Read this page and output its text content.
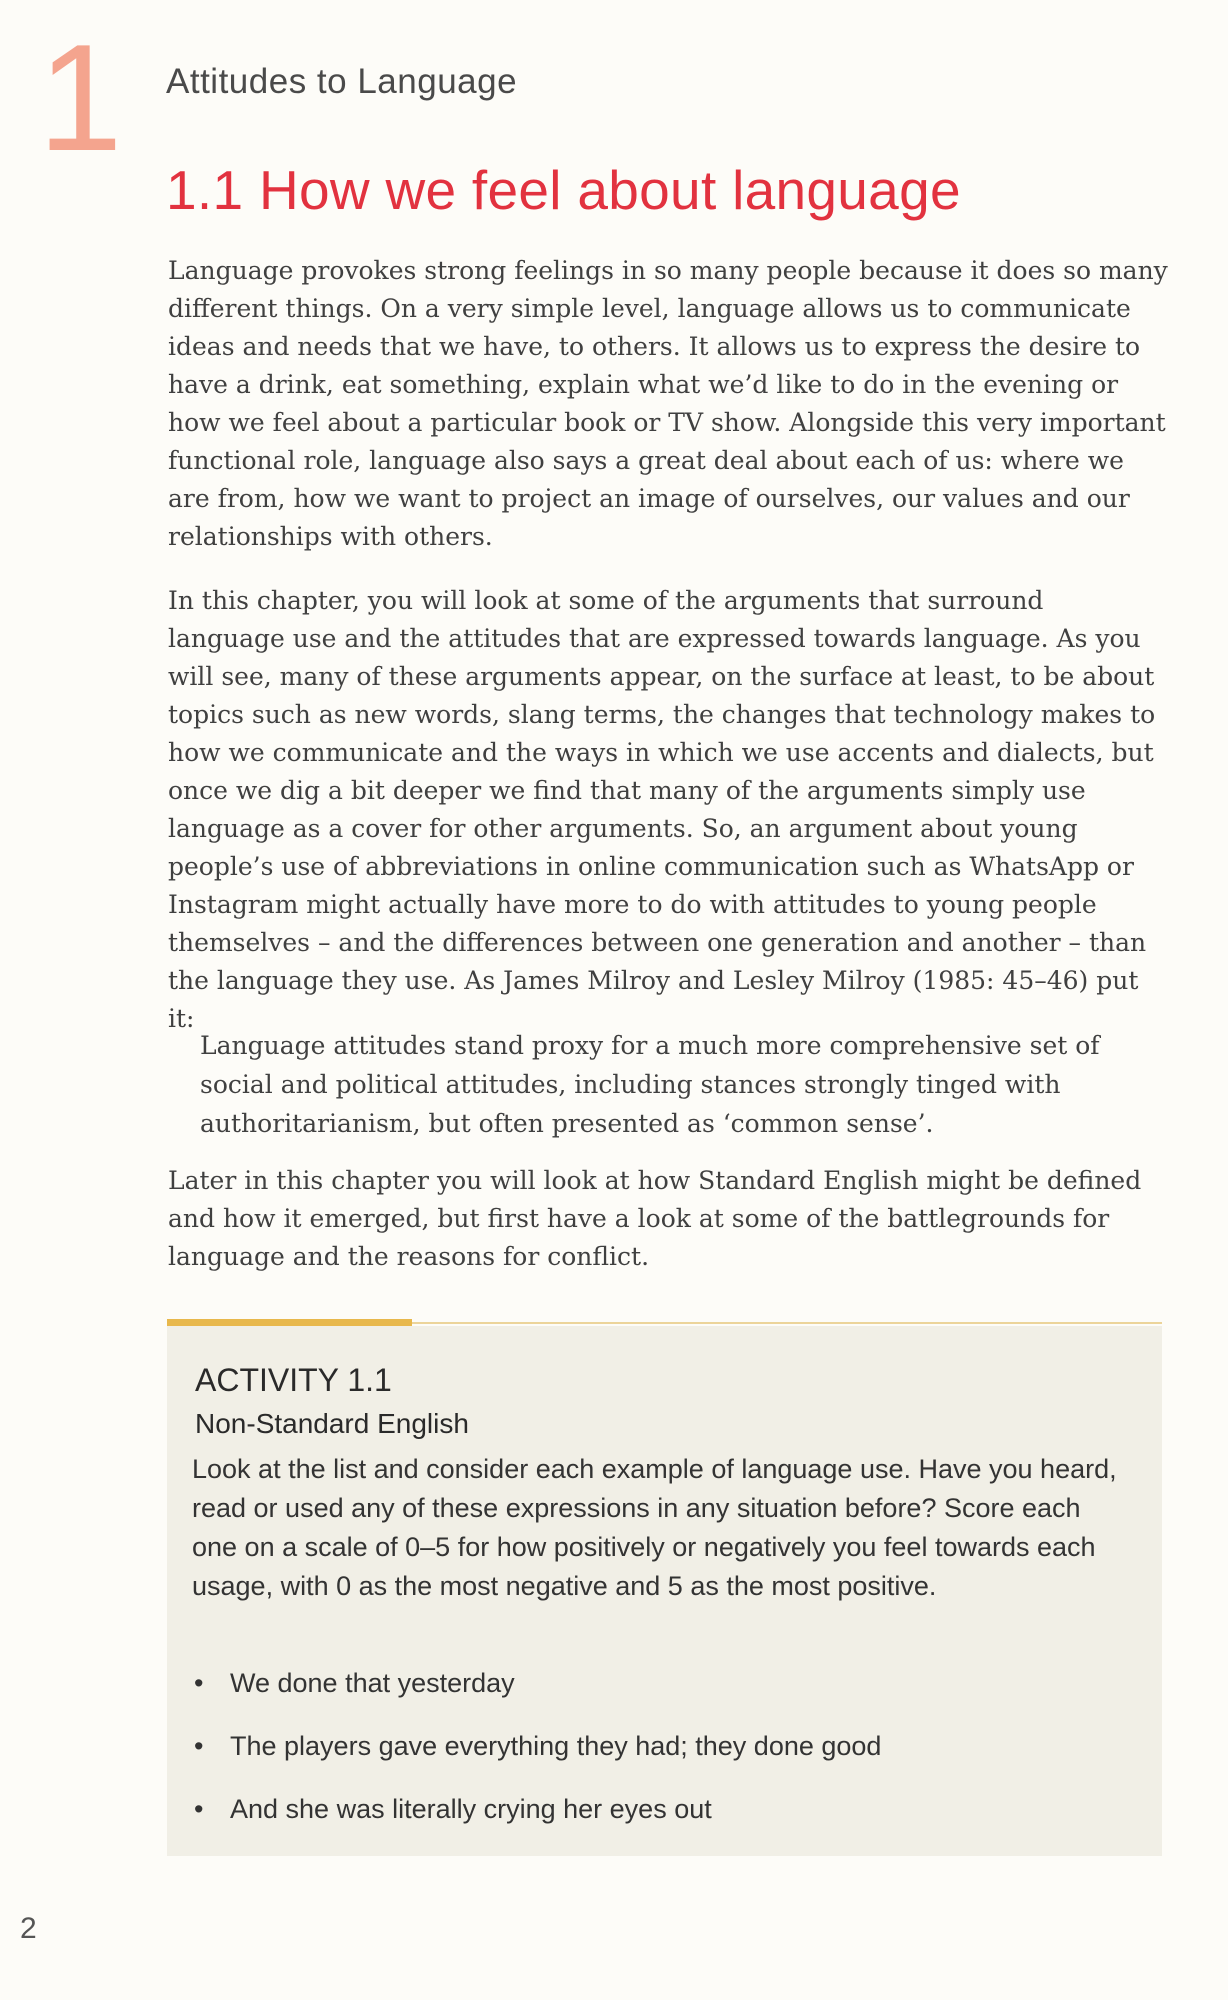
1 Attitudes to Language
1.1 How we feel about language

Language provokes strong feelings in so many people because it does so many different things. On a very simple level, language allows us to communicate ideas and needs that we have, to others. It allows us to express the desire to have a drink, eat something, explain what we’d like to do in the evening or how we feel about a particular book or TV show. Alongside this very important functional role, language also says a great deal about each of us: where we are from, how we want to project an image of ourselves, our values and our relationships with others.

In this chapter, you will look at some of the arguments that surround language use and the attitudes that are expressed towards language. As you will see, many of these arguments appear, on the surface at least, to be about topics such as new words, slang terms, the changes that technology makes to how we communicate and the ways in which we use accents and dialects, but once we dig a bit deeper we find that many of the arguments simply use language as a cover for other arguments. So, an argument about young people’s use of abbreviations in online communication such as WhatsApp or Instagram might actually have more to do with attitudes to young people themselves – and the differences between one generation and another – than the language they use. As James Milroy and Lesley Milroy (1985: 45–46) put it:

Language attitudes stand proxy for a much more comprehensive set of social and political attitudes, including stances strongly tinged with authoritarianism, but often presented as ‘common sense’.

Later in this chapter you will look at how Standard English might be defined and how it emerged, but first have a look at some of the battlegrounds for language and the reasons for conflict.

ACTIVITY 1.1
Non-Standard English

Look at the list and consider each example of language use. Have you heard, read or used any of these expressions in any situation before? Score each one on a scale of 0–5 for how positively or negatively you feel towards each usage, with 0 as the most negative and 5 as the most positive.

• We done that yesterday
• The players gave everything they had; they done good
• And she was literally crying her eyes out
2
